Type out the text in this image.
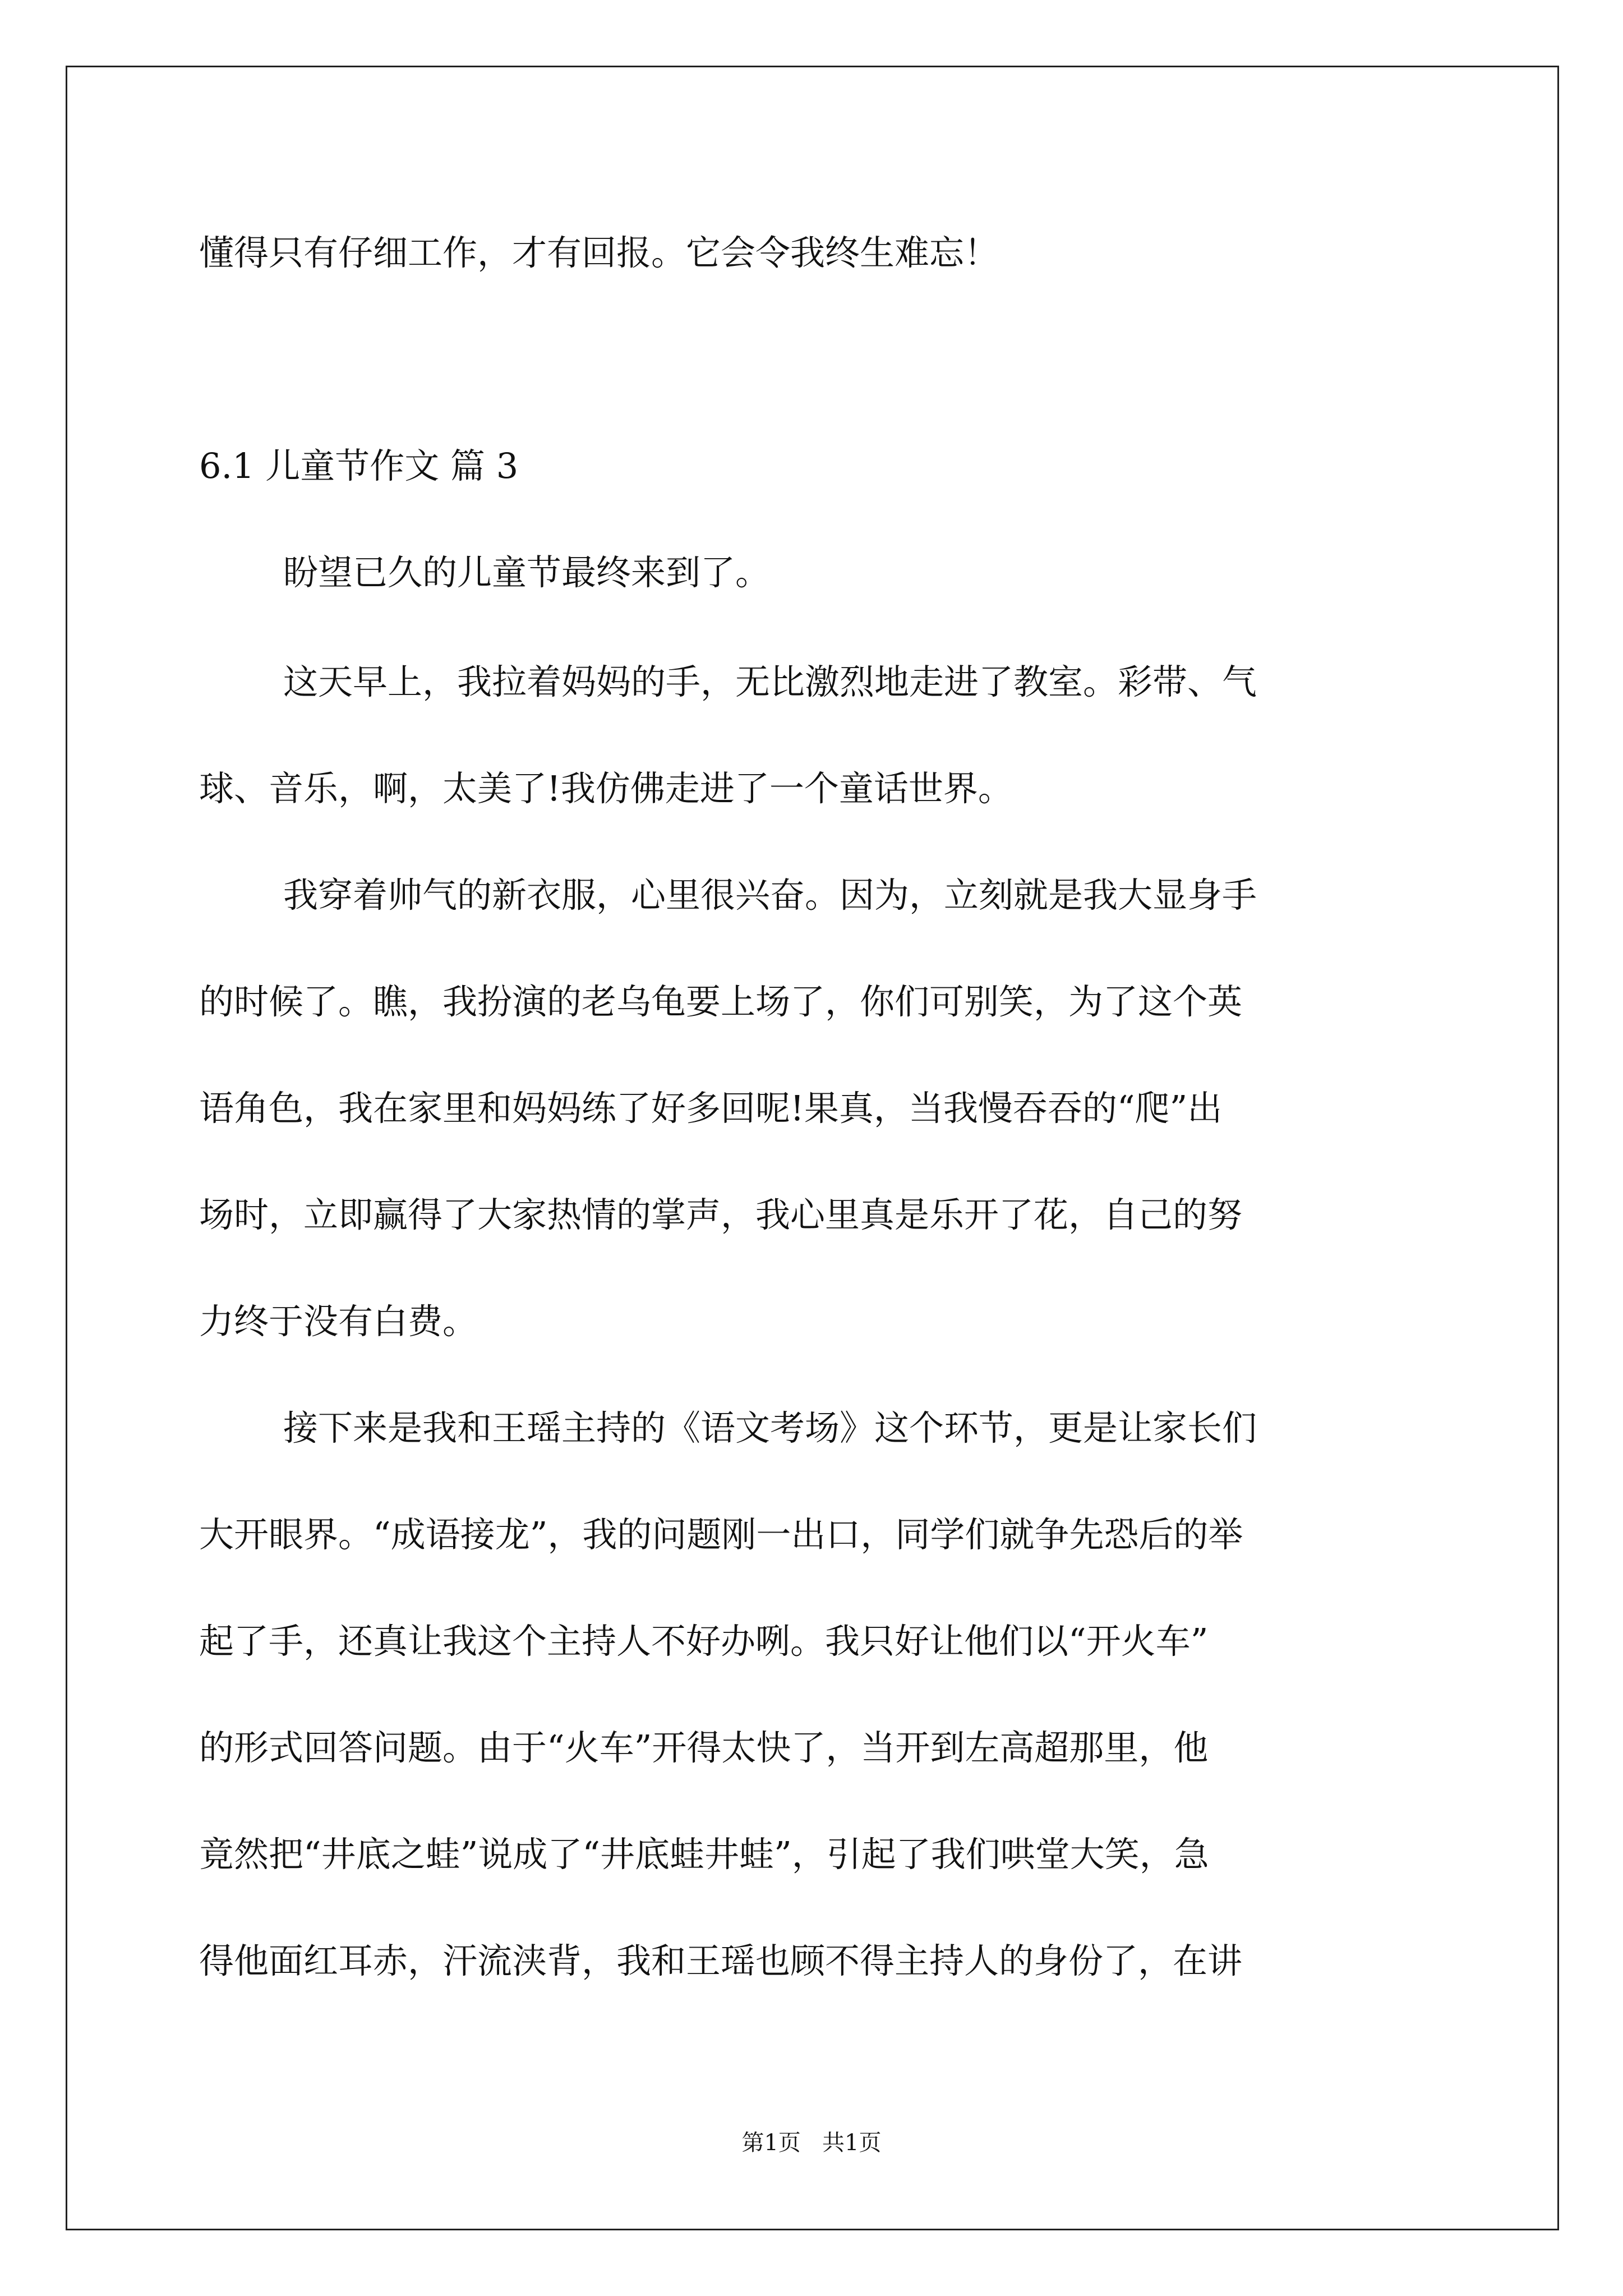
懂得只有仔细工作，才有回报。它会令我终生难忘！
6.1 儿童节作文 篇 3
盼望已久的儿童节最终来到了。
这天早上，我拉着妈妈的手，无比激烈地走进了教室。彩带、气
球、音乐，啊，太美了!我仿佛走进了一个童话世界。
我穿着帅气的新衣服，心里很兴奋。因为，立刻就是我大显身手
的时候了。瞧，我扮演的老乌龟要上场了，你们可别笑，为了这个英
语角色，我在家里和妈妈练了好多回呢!果真，当我慢吞吞的“爬”出
场时，立即赢得了大家热情的掌声，我心里真是乐开了花，自己的努
力终于没有白费。
接下来是我和王瑶主持的《语文考场》这个环节，更是让家长们
大开眼界。“成语接龙”，我的问题刚一出口，同学们就争先恐后的举
起了手，还真让我这个主持人不好办咧。我只好让他们以“开火车”
的形式回答问题。由于“火车”开得太快了，当开到左高超那里，他
竟然把“井底之蛙”说成了“井底蛙井蛙”，引起了我们哄堂大笑，急
得他面红耳赤，汗流浃背，我和王瑶也顾不得主持人的身份了，在讲
第1页   共1页
